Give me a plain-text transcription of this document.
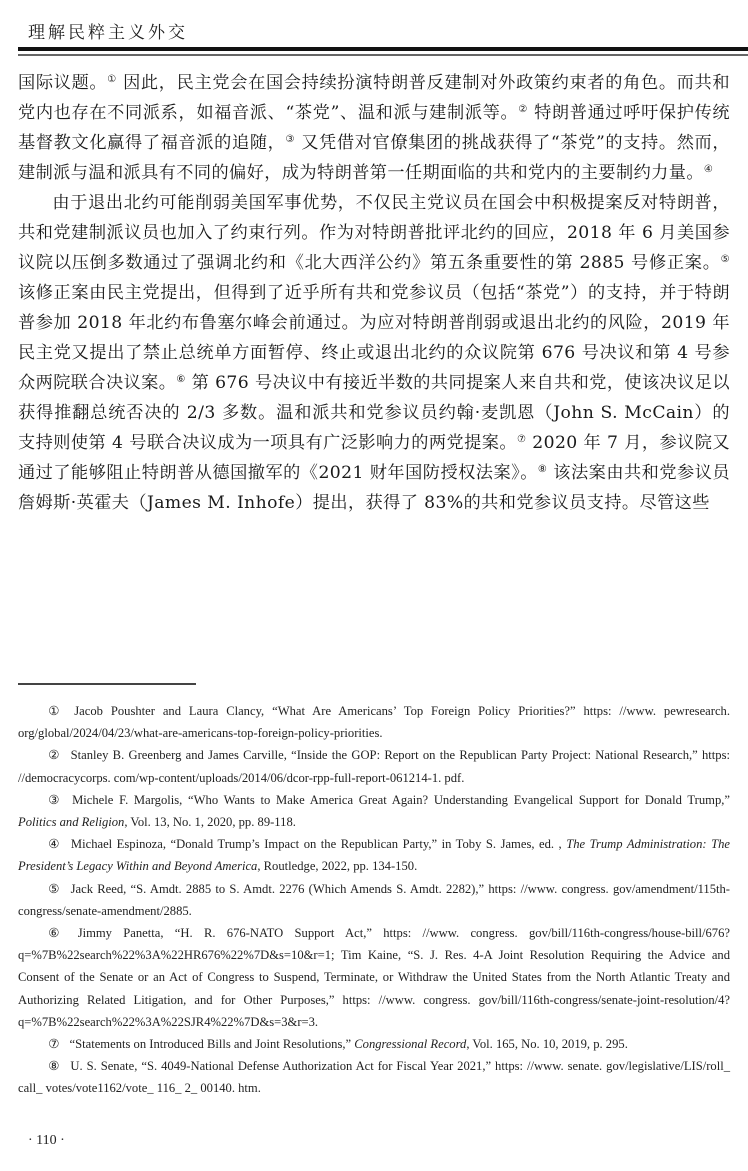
理解民粹主义外交

国际议题。① 因此，民主党会在国会持续扮演特朗普反建制对外政策约束者的角色。而共和党内也存在不同派系，如福音派、“茶党”、温和派与建制派等。② 特朗普通过呼吁保护传统基督教文化赢得了福音派的追随，③ 又凭借对官僚集团的挑战获得了“茶党”的支持。然而，建制派与温和派具有不同的偏好，成为特朗普第一任期面临的共和党内的主要制约力量。④

由于退出北约可能削弱美国军事优势，不仅民主党议员在国会中积极提案反对特朗普，共和党建制派议员也加入了约束行列。作为对特朗普批评北约的回应，2018 年 6 月美国参议院以压倒多数通过了强调北约和《北大西洋公约》第五条重要性的第 2885 号修正案。⑤ 该修正案由民主党提出，但得到了近乎所有共和党参议员（包括“茶党”）的支持，并于特朗普参加 2018 年北约布鲁塞尔峰会前通过。为应对特朗普削弱或退出北约的风险，2019 年民主党又提出了禁止总统单方面暂停、终止或退出北约的众议院第 676 号决议和第 4 号参众两院联合决议案。⑥ 第 676 号决议中有接近半数的共同提案人来自共和党，使该决议足以获得推翻总统否决的 2/3 多数。温和派共和党参议员约翰·麦凯恩（John S. McCain）的支持则使第 4 号联合决议成为一项具有广泛影响力的两党提案。⑦ 2020 年 7 月，参议院又通过了能够阻止特朗普从德国撤军的《2021 财年国防授权法案》。⑧ 该法案由共和党参议员詹姆斯·英霍夫（James M. Inhofe）提出，获得了 83%的共和党参议员支持。尽管这些

① Jacob Poushter and Laura Clancy, “What Are Americans’ Top Foreign Policy Priorities?” https: //www. pewresearch. org/global/2024/04/23/what-are-americans-top-foreign-policy-priorities.

② Stanley B. Greenberg and James Carville, “Inside the GOP: Report on the Republican Party Project: National Research,” https: //democracycorps. com/wp-content/uploads/2014/06/dcor-rpp-full-report-061214-1. pdf.

③ Michele F. Margolis, “Who Wants to Make America Great Again? Understanding Evangelical Support for Donald Trump,” Politics and Religion, Vol. 13, No. 1, 2020, pp. 89-118.

④ Michael Espinoza, “Donald Trump’s Impact on the Republican Party,” in Toby S. James, ed. , The Trump Administration: The President’s Legacy Within and Beyond America, Routledge, 2022, pp. 134-150.

⑤ Jack Reed, “S. Amdt. 2885 to S. Amdt. 2276 (Which Amends S. Amdt. 2282),” https: //www. congress. gov/amendment/115th-congress/senate-amendment/2885.

⑥ Jimmy Panetta, “H. R. 676-NATO Support Act,” https: //www. congress. gov/bill/116th-congress/house-bill/676? q=%7B%22search%22%3A%22HR676%22%7D&s=10&r=1; Tim Kaine, “S. J. Res. 4-A Joint Resolution Requiring the Advice and Consent of the Senate or an Act of Congress to Suspend, Terminate, or Withdraw the United States from the North Atlantic Treaty and Authorizing Related Litigation, and for Other Purposes,” https: //www. congress. gov/bill/116th-congress/senate-joint-resolution/4? q=%7B%22search%22%3A%22SJR4%22%7D&s=3&r=3.

⑦ “Statements on Introduced Bills and Joint Resolutions,” Congressional Record, Vol. 165, No. 10, 2019, p. 295.

⑧ U. S. Senate, “S. 4049-National Defense Authorization Act for Fiscal Year 2021,” https: //www. senate. gov/legislative/LIS/roll_ call_ votes/vote1162/vote_ 116_ 2_ 00140. htm.

· 110 ·
